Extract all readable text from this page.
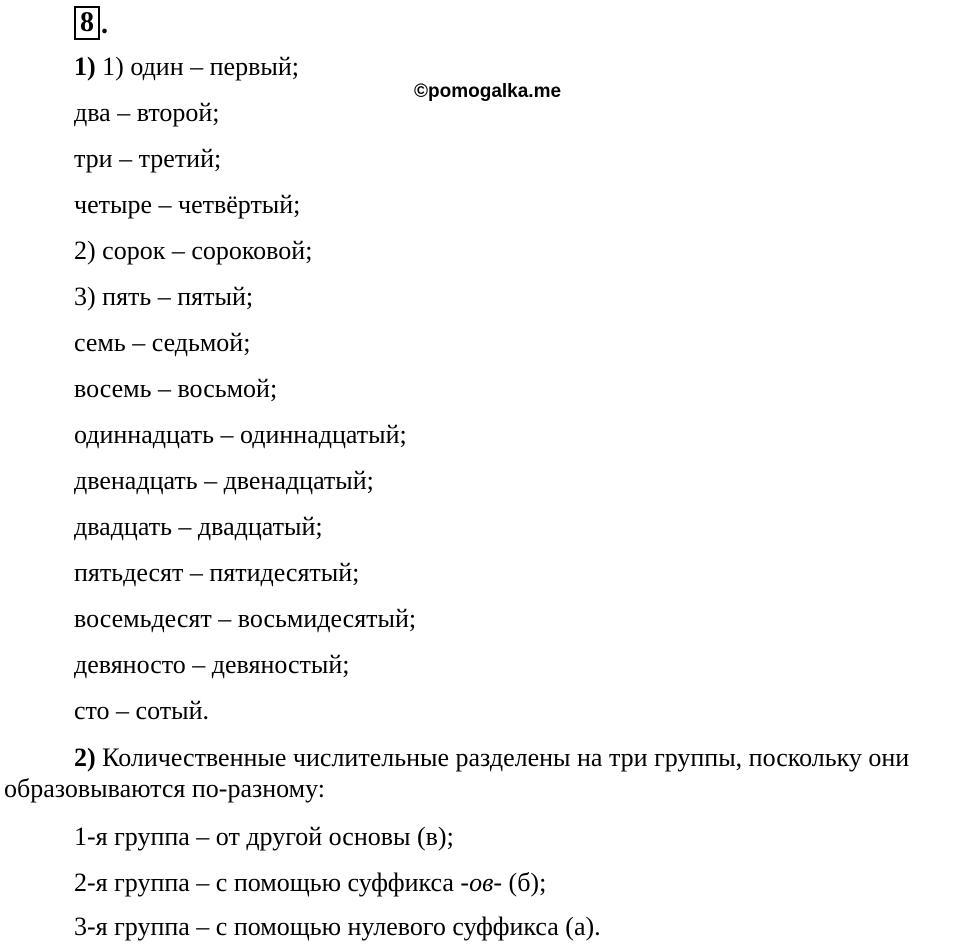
8 .
©pomogalka.me
1) 1) один – первый;
два – второй;
три – третий;
четыре – четвёртый;
2) сорок – сороковой;
3) пять – пятый;
семь – седьмой;
восемь – восьмой;
одиннадцать – одиннадцатый;
двенадцать – двенадцатый;
двадцать – двадцатый;
пятьдесят – пятидесятый;
восемьдесят – восьмидесятый;
девяносто – девяностый;
сто – сотый.
2) Количественные числительные разделены на три группы, поскольку они образовываются по-разному:
1-я группа – от другой основы (в);
2-я группа – с помощью суффикса -ов- (б);
3-я группа – с помощью нулевого суффикса (а).
